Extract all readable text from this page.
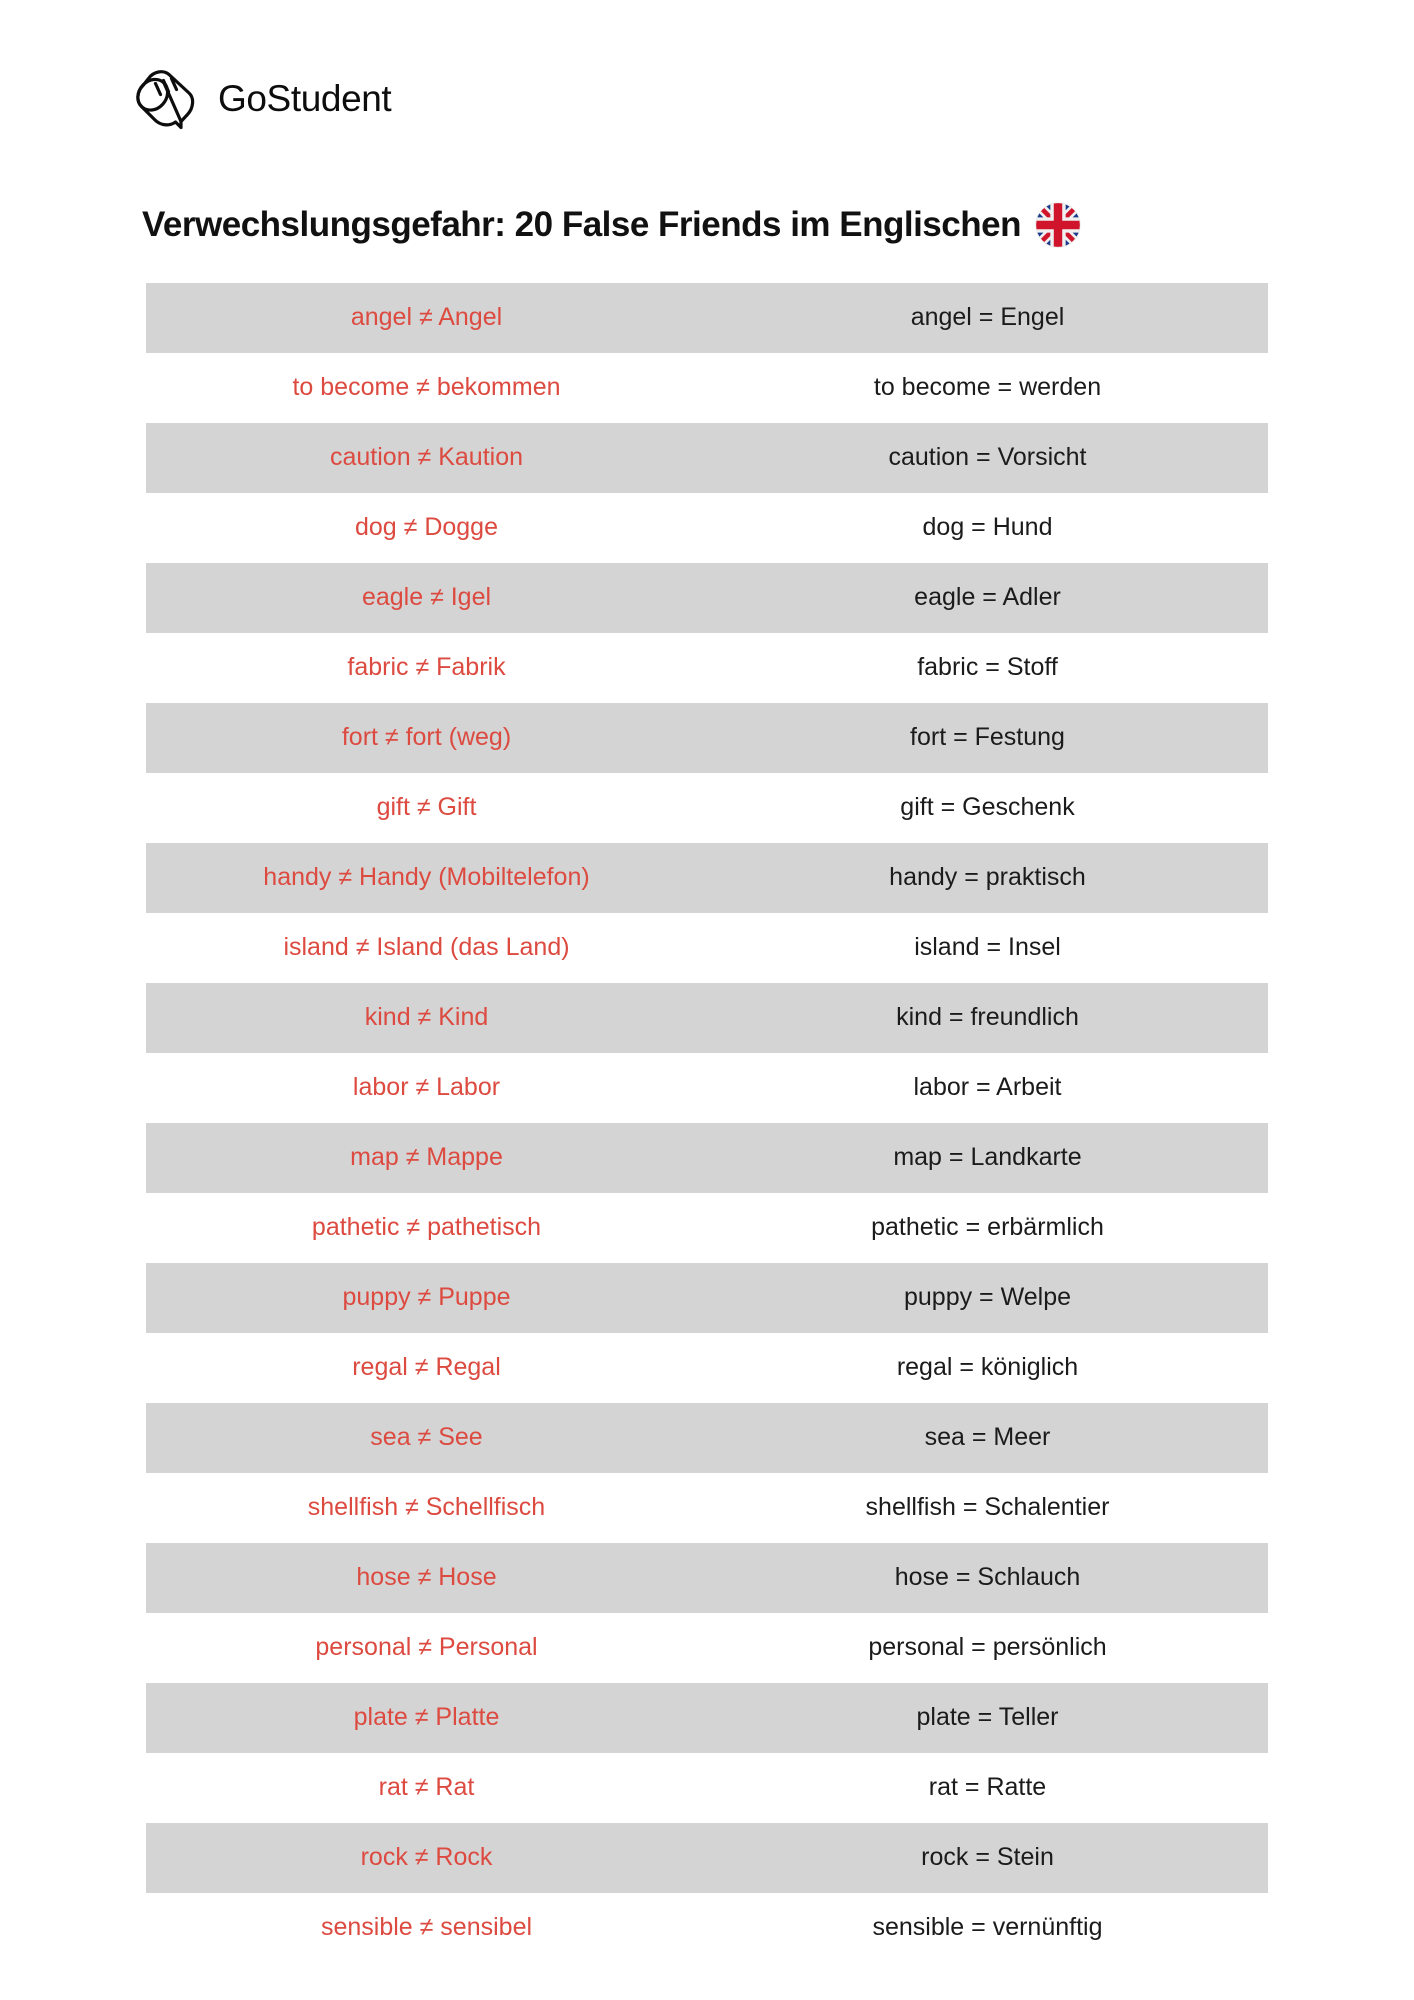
GoStudent
Verwechslungsgefahr: 20 False Friends im Englischen
angel ≠ Angel	angel = Engel
to become ≠ bekommen	to become = werden
caution ≠ Kaution	caution = Vorsicht
dog ≠ Dogge	dog = Hund
eagle ≠ Igel	eagle = Adler
fabric ≠ Fabrik	fabric = Stoff
fort ≠ fort (weg)	fort = Festung
gift ≠ Gift	gift = Geschenk
handy ≠ Handy (Mobiltelefon)	handy = praktisch
island ≠ Island (das Land)	island = Insel
kind ≠ Kind	kind = freundlich
labor ≠ Labor	labor = Arbeit
map ≠ Mappe	map = Landkarte
pathetic ≠ pathetisch	pathetic = erbärmlich
puppy ≠ Puppe	puppy = Welpe
regal ≠ Regal	regal = königlich
sea ≠ See	sea = Meer
shellfish ≠ Schellfisch	shellfish = Schalentier
hose ≠ Hose	hose = Schlauch
personal ≠ Personal	personal = persönlich
plate ≠ Platte	plate = Teller
rat ≠ Rat	rat = Ratte
rock ≠ Rock	rock = Stein
sensible ≠ sensibel	sensible = vernünftig
